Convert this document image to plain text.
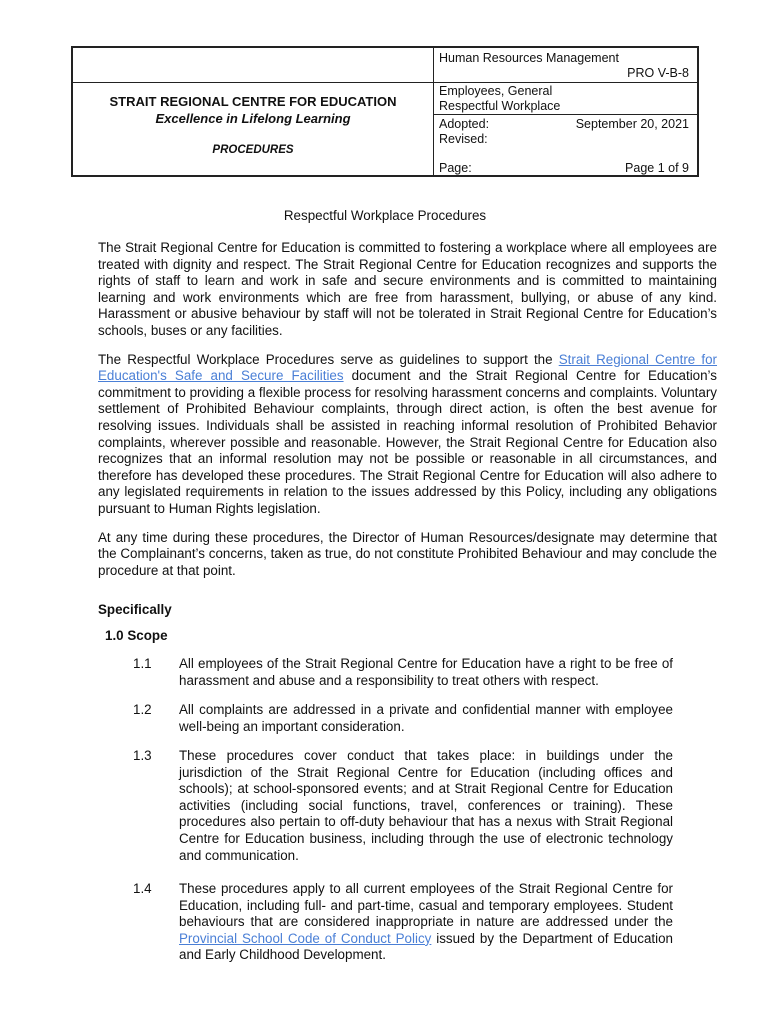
STRAIT REGIONAL CENTRE FOR EDUCATION
Excellence in Lifelong Learning
PROCEDURES
Human Resources Management
PRO V-B-8
Employees, General
Respectful Workplace
Adopted:	September 20, 2021
Revised:
Page:	Page 1 of 9
Respectful Workplace Procedures

The Strait Regional Centre for Education is committed to fostering a workplace where all employees are treated with dignity and respect. The Strait Regional Centre for Education recognizes and supports the rights of staff to learn and work in safe and secure environments and is committed to maintaining learning and work environments which are free from harassment, bullying, or abuse of any kind. Harassment or abusive behaviour by staff will not be tolerated in Strait Regional Centre for Education’s schools, buses or any facilities.

The Respectful Workplace Procedures serve as guidelines to support the Strait Regional Centre for Education's Safe and Secure Facilities document and the Strait Regional Centre for Education’s commitment to providing a flexible process for resolving harassment concerns and complaints. Voluntary settlement of Prohibited Behaviour complaints, through direct action, is often the best avenue for resolving issues. Individuals shall be assisted in reaching informal resolution of Prohibited Behavior complaints, wherever possible and reasonable. However, the Strait Regional Centre for Education also recognizes that an informal resolution may not be possible or reasonable in all circumstances, and therefore has developed these procedures. The Strait Regional Centre for Education will also adhere to any legislated requirements in relation to the issues addressed by this Policy, including any obligations pursuant to Human Rights legislation.

At any time during these procedures, the Director of Human Resources/designate may determine that the Complainant’s concerns, taken as true, do not constitute Prohibited Behaviour and may conclude the procedure at that point.

Specifically
1.0 Scope
1.1 All employees of the Strait Regional Centre for Education have a right to be free of harassment and abuse and a responsibility to treat others with respect.
1.2 All complaints are addressed in a private and confidential manner with employee well-being an important consideration.
1.3 These procedures cover conduct that takes place: in buildings under the jurisdiction of the Strait Regional Centre for Education (including offices and schools); at school-sponsored events; and at Strait Regional Centre for Education activities (including social functions, travel, conferences or training). These procedures also pertain to off-duty behaviour that has a nexus with Strait Regional Centre for Education business, including through the use of electronic technology and communication.
1.4 These procedures apply to all current employees of the Strait Regional Centre for Education, including full- and part-time, casual and temporary employees. Student behaviours that are considered inappropriate in nature are addressed under the Provincial School Code of Conduct Policy issued by the Department of Education and Early Childhood Development.
